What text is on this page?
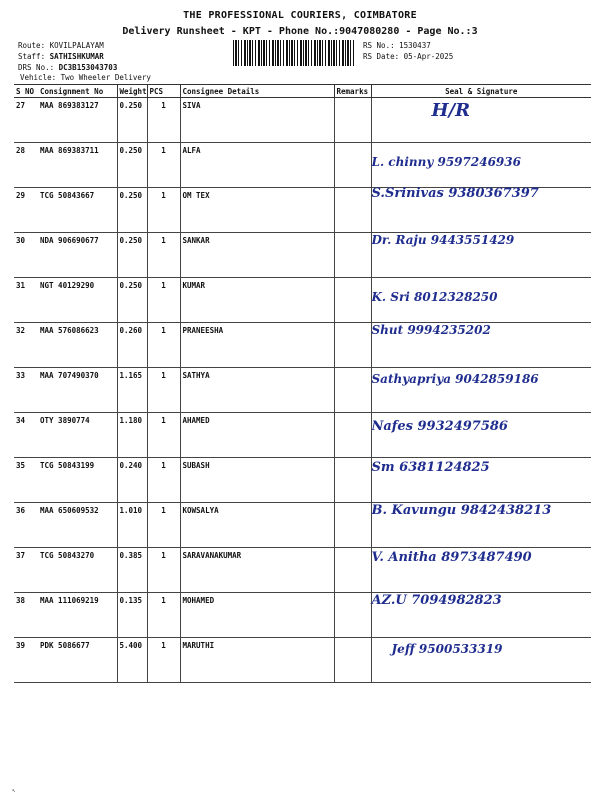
THE PROFESSIONAL COURIERS, COIMBATORE
Delivery Runsheet - KPT - Phone No.:9047080280 - Page No.:3
Route: KOVILPALAYAM
Staff: SATHISHKUMAR
DRS No.: DC3B153043703
Vehicle: Two Wheeler Delivery
RS No.: 1530437
RS Date: 05-Apr-2025
S NO	Consignment No	Weight	PCS	Consignee Details	Remarks	Seal & Signature
27	MAA 869383127	0.250	1	SIVA		H/R

28	MAA 869383711	0.250	1	ALFA		L. chinny 9597246936

29	TCG 50843667	0.250	1	OM TEX		S.Srinivas 9380367397

30	NDA 906690677	0.250	1	SANKAR		Dr. Raju 9443551429

31	NGT 40129290	0.250	1	KUMAR		K. Sri 8012328250

32	MAA 576086623	0.260	1	PRANEESHA		Shut 9994235202

33	MAA 707490370	1.165	1	SATHYA		Sathyapriya 9042859186

34	OTY 3890774	1.180	1	AHAMED		Nafes 9932497586

35	TCG 50843199	0.240	1	SUBASH		Sm 6381124825

36	MAA 650609532	1.010	1	KOWSALYA		B. Kavungu 9842438213

37	TCG 50843270	0.385	1	SARAVANAKUMAR		V. Anitha 8973487490

38	MAA 111069219	0.135	1	MOHAMED		AZ.U 7094982823

39	PDK 5086677	5.400	1	MARUTHI		Jeff 9500533319
↖
